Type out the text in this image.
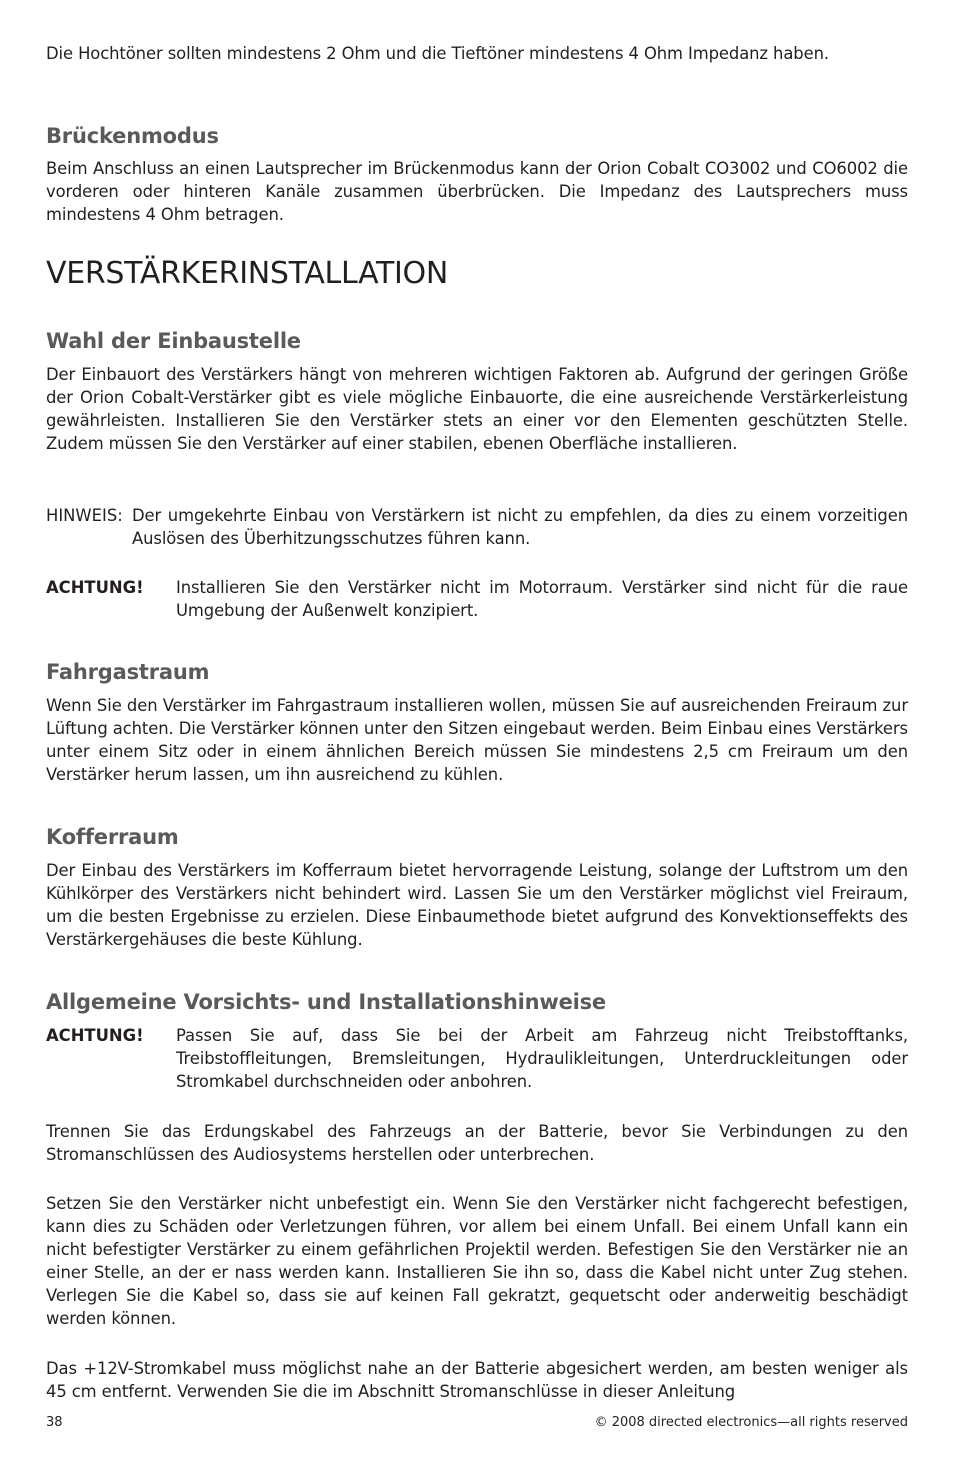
Die Hochtöner sollten mindestens 2 Ohm und die Tieftöner mindestens 4 Ohm Impedanz haben.

Brückenmodus

Beim Anschluss an einen Lautsprecher im Brückenmodus kann der Orion Cobalt CO3002 und CO6002 die vorderen oder hinteren Kanäle zusammen überbrücken. Die Impedanz des Lautsprechers muss mindestens 4 Ohm betragen.

VERSTÄRKERINSTALLATION
Wahl der Einbaustelle

Der Einbauort des Verstärkers hängt von mehreren wichtigen Faktoren ab. Aufgrund der geringen Größe der Orion Cobalt-Verstärker gibt es viele mögliche Einbauorte, die eine ausreichende Verstärkerleistung gewährleisten. Installieren Sie den Verstärker stets an einer vor den Elementen geschützten Stelle. Zudem müssen Sie den Verstärker auf einer stabilen, ebenen Oberfläche installieren.

HINWEIS: Der umgekehrte Einbau von Verstärkern ist nicht zu empfehlen, da dies zu einem vorzeitigen Auslösen des Überhitzungsschutzes führen kann.

ACHTUNG!	Installieren Sie den Verstärker nicht im Motorraum. Verstärker sind nicht für die raue Umgebung der Außenwelt konzipiert.

Fahrgastraum

Wenn Sie den Verstärker im Fahrgastraum installieren wollen, müssen Sie auf ausreichenden Freiraum zur Lüftung achten. Die Verstärker können unter den Sitzen eingebaut werden. Beim Einbau eines Verstärkers unter einem Sitz oder in einem ähnlichen Bereich müssen Sie mindestens 2,5 cm Freiraum um den Verstärker herum lassen, um ihn ausreichend zu kühlen.

Kofferraum

Der Einbau des Verstärkers im Kofferraum bietet hervorragende Leistung, solange der Luftstrom um den Kühlkörper des Verstärkers nicht behindert wird. Lassen Sie um den Verstärker möglichst viel Freiraum, um die besten Ergebnisse zu erzielen. Diese Einbaumethode bietet aufgrund des Konvektionseffekts des Verstärkergehäuses die beste Kühlung.

Allgemeine Vorsichts- und Installationshinweise
ACHTUNG!	Passen Sie auf, dass Sie bei der Arbeit am Fahrzeug nicht Treibstofftanks, Treibstoffleitungen, Bremsleitungen, Hydraulikleitungen, Unterdruckleitungen oder Stromkabel durchschneiden oder anbohren.

Trennen Sie das Erdungskabel des Fahrzeugs an der Batterie, bevor Sie Verbindungen zu den Stromanschlüssen des Audiosystems herstellen oder unterbrechen.

Setzen Sie den Verstärker nicht unbefestigt ein. Wenn Sie den Verstärker nicht fachgerecht befestigen, kann dies zu Schäden oder Verletzungen führen, vor allem bei einem Unfall. Bei einem Unfall kann ein nicht befestigter Verstärker zu einem gefährlichen Projektil werden. Befestigen Sie den Verstärker nie an einer Stelle, an der er nass werden kann. Installieren Sie ihn so, dass die Kabel nicht unter Zug stehen. Verlegen Sie die Kabel so, dass sie auf keinen Fall gekratzt, gequetscht oder anderweitig beschädigt werden können.

Das +12V-Stromkabel muss möglichst nahe an der Batterie abgesichert werden, am besten weniger als 45 cm entfernt. Verwenden Sie die im Abschnitt Stromanschlüsse in dieser Anleitung

38	© 2008 directed electronics—all rights reserved
